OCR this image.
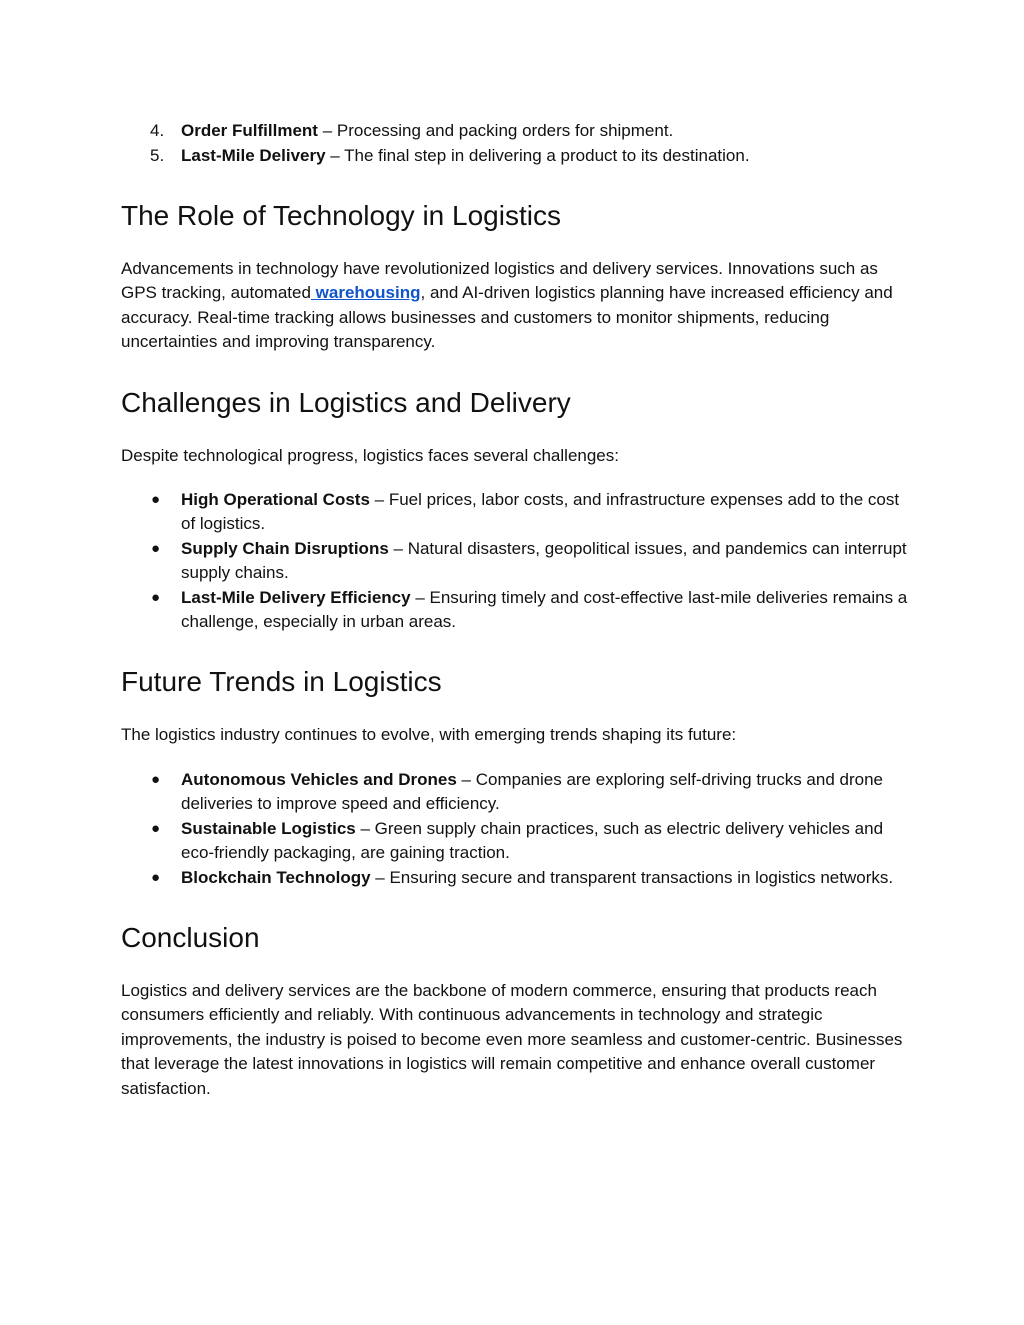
4. Order Fulfillment – Processing and packing orders for shipment.
5. Last-Mile Delivery – The final step in delivering a product to its destination.
The Role of Technology in Logistics

Advancements in technology have revolutionized logistics and delivery services. Innovations such as GPS tracking, automated warehousing, and AI-driven logistics planning have increased efficiency and accuracy. Real-time tracking allows businesses and customers to monitor shipments, reducing uncertainties and improving transparency.

Challenges in Logistics and Delivery

Despite technological progress, logistics faces several challenges:

● High Operational Costs – Fuel prices, labor costs, and infrastructure expenses add to the cost of logistics.
● Supply Chain Disruptions – Natural disasters, geopolitical issues, and pandemics can interrupt supply chains.
● Last-Mile Delivery Efficiency – Ensuring timely and cost-effective last-mile deliveries remains a challenge, especially in urban areas.
Future Trends in Logistics

The logistics industry continues to evolve, with emerging trends shaping its future:

● Autonomous Vehicles and Drones – Companies are exploring self-driving trucks and drone deliveries to improve speed and efficiency.
● Sustainable Logistics – Green supply chain practices, such as electric delivery vehicles and eco-friendly packaging, are gaining traction.
● Blockchain Technology – Ensuring secure and transparent transactions in logistics networks.
Conclusion

Logistics and delivery services are the backbone of modern commerce, ensuring that products reach consumers efficiently and reliably. With continuous advancements in technology and strategic improvements, the industry is poised to become even more seamless and customer-centric. Businesses that leverage the latest innovations in logistics will remain competitive and enhance overall customer satisfaction.
